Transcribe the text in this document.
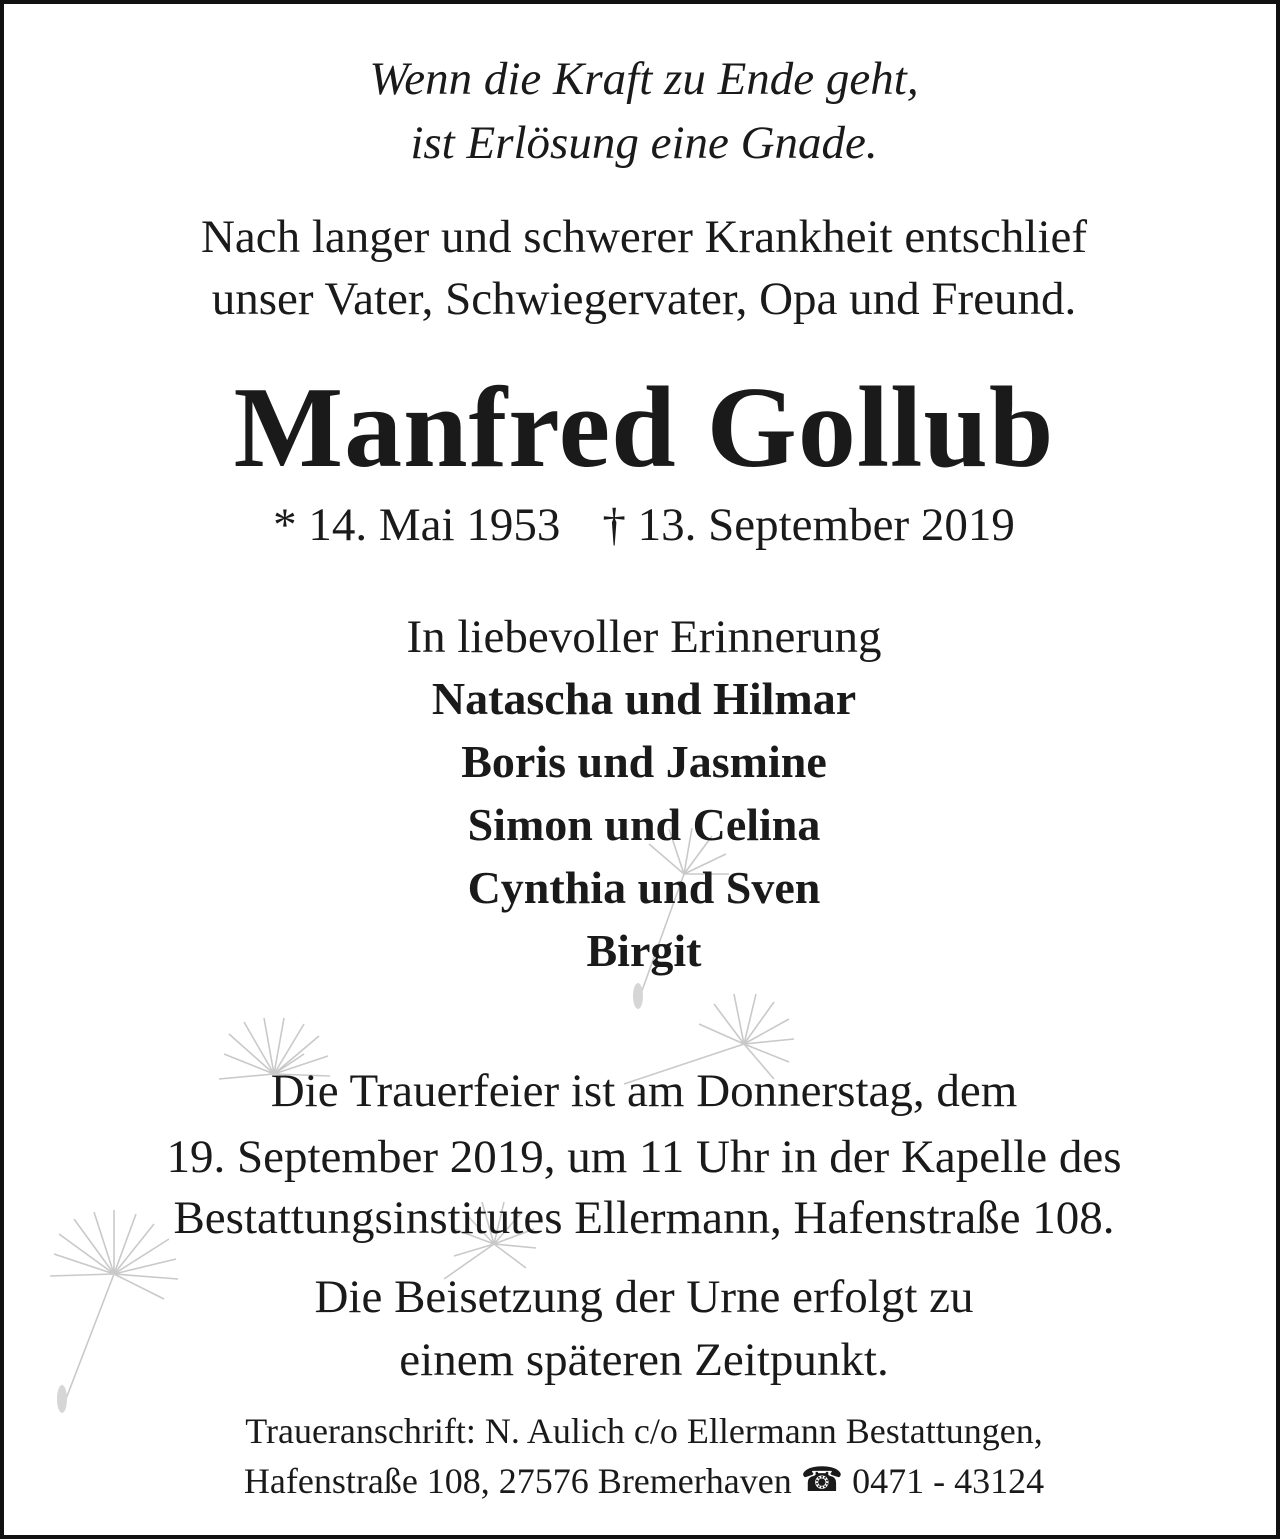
Wenn die Kraft zu Ende geht,
ist Erlösung eine Gnade.
Nach langer und schwerer Krankheit entschlief
unser Vater, Schwiegervater, Opa und Freund.
Manfred Gollub
* 14. Mai 1953 † 13. September 2019
In liebevoller Erinnerung
Natascha und Hilmar
Boris und Jasmine
Simon und Celina
Cynthia und Sven
Birgit
Die Trauerfeier ist am Donnerstag, dem
19. September 2019, um 11 Uhr in der Kapelle des
Bestattungsinstitutes Ellermann, Hafenstraße 108.
Die Beisetzung der Urne erfolgt zu
einem späteren Zeitpunkt.
Traueranschrift: N. Aulich c/o Ellermann Bestattungen,
Hafenstraße 108, 27576 Bremerhaven ☎ 0471 - 43124
